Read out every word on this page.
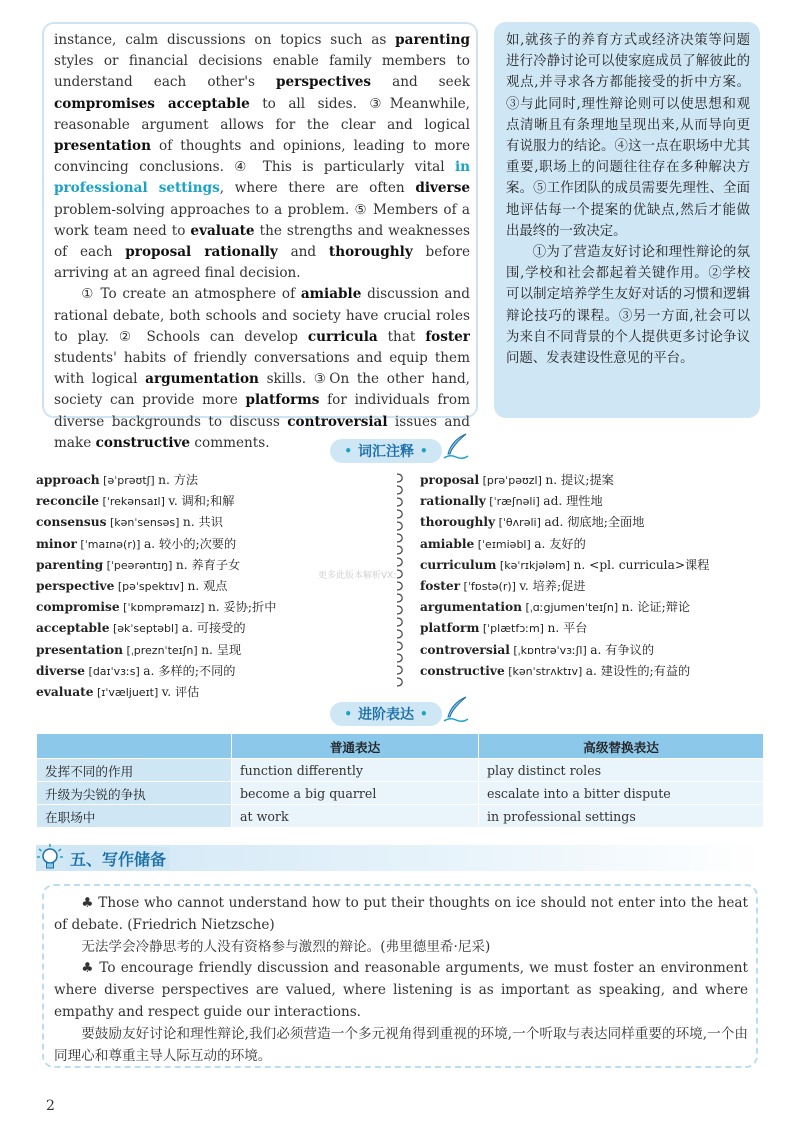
instance, calm discussions on topics such as parenting styles or financial decisions enable family members to understand each other's perspectives and seek compromises acceptable to all sides. ③Meanwhile, reasonable argument allows for the clear and logical presentation of thoughts and opinions, leading to more convincing conclusions. ④ This is particularly vital in professional settings, where there are often diverse problem-solving approaches to a problem. ⑤ Members of a work team need to evaluate the strengths and weaknesses of each proposal rationally and thoroughly before arriving at an agreed final decision.

① To create an atmosphere of amiable discussion and rational debate, both schools and society have crucial roles to play. ② Schools can develop curricula that foster students' habits of friendly conversations and equip them with logical argumentation skills. ③On the other hand, society can provide more platforms for individuals from diverse backgrounds to discuss controversial issues and make constructive comments.

如,就孩子的养育方式或经济决策等问题进行冷静讨论可以使家庭成员了解彼此的观点,并寻求各方都能接受的折中方案。③与此同时,理性辩论则可以使思想和观点清晰且有条理地呈现出来,从而导向更有说服力的结论。④这一点在职场中尤其重要,职场上的问题往往存在多种解决方案。⑤工作团队的成员需要先理性、全面地评估每一个提案的优缺点,然后才能做出最终的一致决定。

①为了营造友好讨论和理性辩论的氛围,学校和社会都起着关键作用。②学校可以制定培养学生友好对话的习惯和逻辑辩论技巧的课程。③另一方面,社会可以为来自不同背景的个人提供更多讨论争议问题、发表建设性意见的平台。

• 词汇注释 •
approach [əˈprəʊtʃ] n. 方法
reconcile [ˈrekənsaɪl] v. 调和;和解
consensus [kənˈsensəs] n. 共识
minor [ˈmaɪnə(r)] a. 较小的;次要的
parenting [ˈpeərəntɪŋ] n. 养育子女
perspective [pəˈspektɪv] n. 观点
compromise [ˈkɒmprəmaɪz] n. 妥协;折中
acceptable [əkˈseptəbl] a. 可接受的
presentation [ˌpreznˈteɪʃn] n. 呈现
diverse [daɪˈvɜːs] a. 多样的;不同的
evaluate [ɪˈvæljueɪt] v. 评估
proposal [prəˈpəʊzl] n. 提议;提案
rationally [ˈræʃnəli] ad. 理性地
thoroughly [ˈθʌrəli] ad. 彻底地;全面地
amiable [ˈeɪmiəbl] a. 友好的
curriculum [kəˈrɪkjələm] n. <pl. curricula>课程
foster [ˈfɒstə(r)] v. 培养;促进
argumentation [ˌɑːgjumenˈteɪʃn] n. 论证;辩论
platform [ˈplætfɔːm] n. 平台
controversial [ˌkɒntrəˈvɜːʃl] a. 有争议的
constructive [kənˈstrʌktɪv] a. 建设性的;有益的
更多此版本解析VX:
• 进阶表达 •
	普通表达	高级替换表达
发挥不同的作用	function differently	play distinct roles
升级为尖锐的争执	become a big quarrel	escalate into a bitter dispute
在职场中	at work	in professional settings
五、写作储备

♣ Those who cannot understand how to put their thoughts on ice should not enter into the heat of debate. (Friedrich Nietzsche)

无法学会冷静思考的人没有资格参与激烈的辩论。(弗里德里希·尼采)

♣ To encourage friendly discussion and reasonable arguments, we must foster an environment where diverse perspectives are valued, where listening is as important as speaking, and where empathy and respect guide our interactions.

要鼓励友好讨论和理性辩论,我们必须营造一个多元视角得到重视的环境,一个听取与表达同样重要的环境,一个由同理心和尊重主导人际互动的环境。

2
